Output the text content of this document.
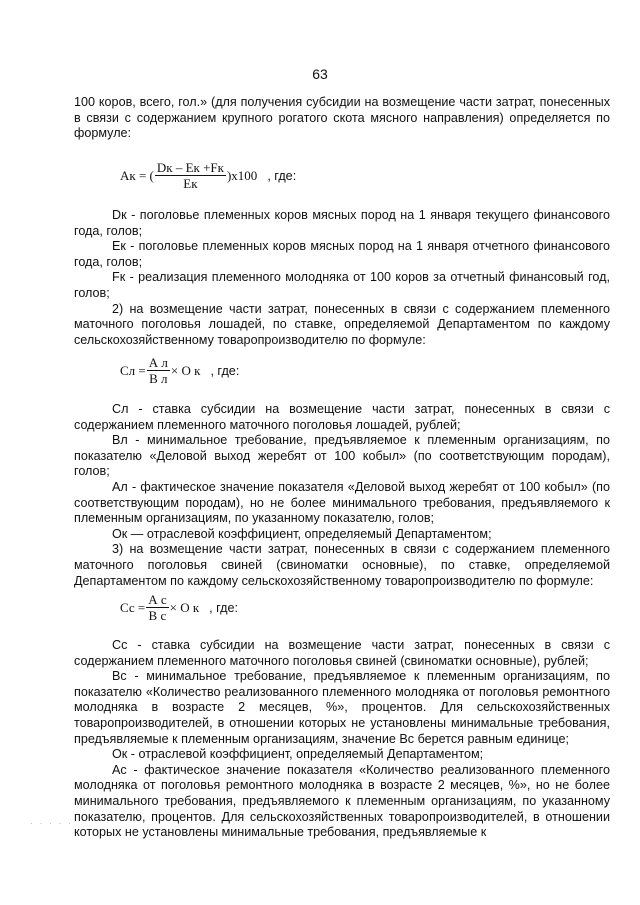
63

100 коров, всего, гол.» (для получения субсидии на возмещение части затрат, понесенных в связи с содержанием крупного рогатого скота мясного направления) определяется по формуле:

Ак = ( $\frac{Dк - Ек +Fк}{Ек} )х100$ , где:

Dк - поголовье племенных коров мясных пород на 1 января текущего финансового года, голов;

Ек - поголовье племенных коров мясных пород на 1 января отчетного финансового года, голов;

Fк - реализация племенного молодняка от 100 коров за отчетный финансовый год, голов;

2) на возмещение части затрат, понесенных в связи с содержанием племенного маточного поголовья лошадей, по ставке, определяемой Департаментом по каждому сельскохозяйственному товаропроизводителю по формуле:

Сл = $\frac{\text{А л}}{\text{В л}} \times О$ к , где:

Сл - ставка субсидии на возмещение части затрат, понесенных в связи с содержанием племенного маточного поголовья лошадей, рублей;

Вл - минимальное требование, предъявляемое к племенным организациям, по показателю «Деловой выход жеребят от 100 кобыл» (по соответствующим породам), голов;

Ал - фактическое значение показателя «Деловой выход жеребят от 100 кобыл» (по соответствующим породам), но не более минимального требования, предъявляемого к племенным организациям, по указанному показателю, голов;

Ок — отраслевой коэффициент, определяемый Департаментом;

3) на возмещение части затрат, понесенных в связи с содержанием племенного маточного поголовья свиней (свиноматки основные), по ставке, определяемой Департаментом по каждому сельскохозяйственному товаропроизводителю по формуле:

Сс = $\frac{\text{А с}}{\text{В с}} \times О$ к , где:

Сс - ставка субсидии на возмещение части затрат, понесенных в связи с содержанием племенного маточного поголовья свиней (свиноматки основные), рублей;

Вс - минимальное требование, предъявляемое к племенным организациям, по показателю «Количество реализованного племенного молодняка от поголовья ремонтного молодняка в возрасте 2 месяцев, %», процентов. Для сельскохозяйственных товаропроизводителей, в отношении которых не установлены минимальные требования, предъявляемые к племенным организациям, значение Вс берется равным единице;

Ок - отраслевой коэффициент, определяемый Департаментом;

Ас - фактическое значение показателя «Количество реализованного племенного молодняка от поголовья ремонтного молодняка в возрасте 2 месяцев, %», но не более минимального требования, предъявляемого к племенным организациям, по указанному показателю, процентов. Для сельскохозяйственных товаропроизводителей, в отношении которых не установлены минимальные требования, предъявляемые к

· · · · ·
